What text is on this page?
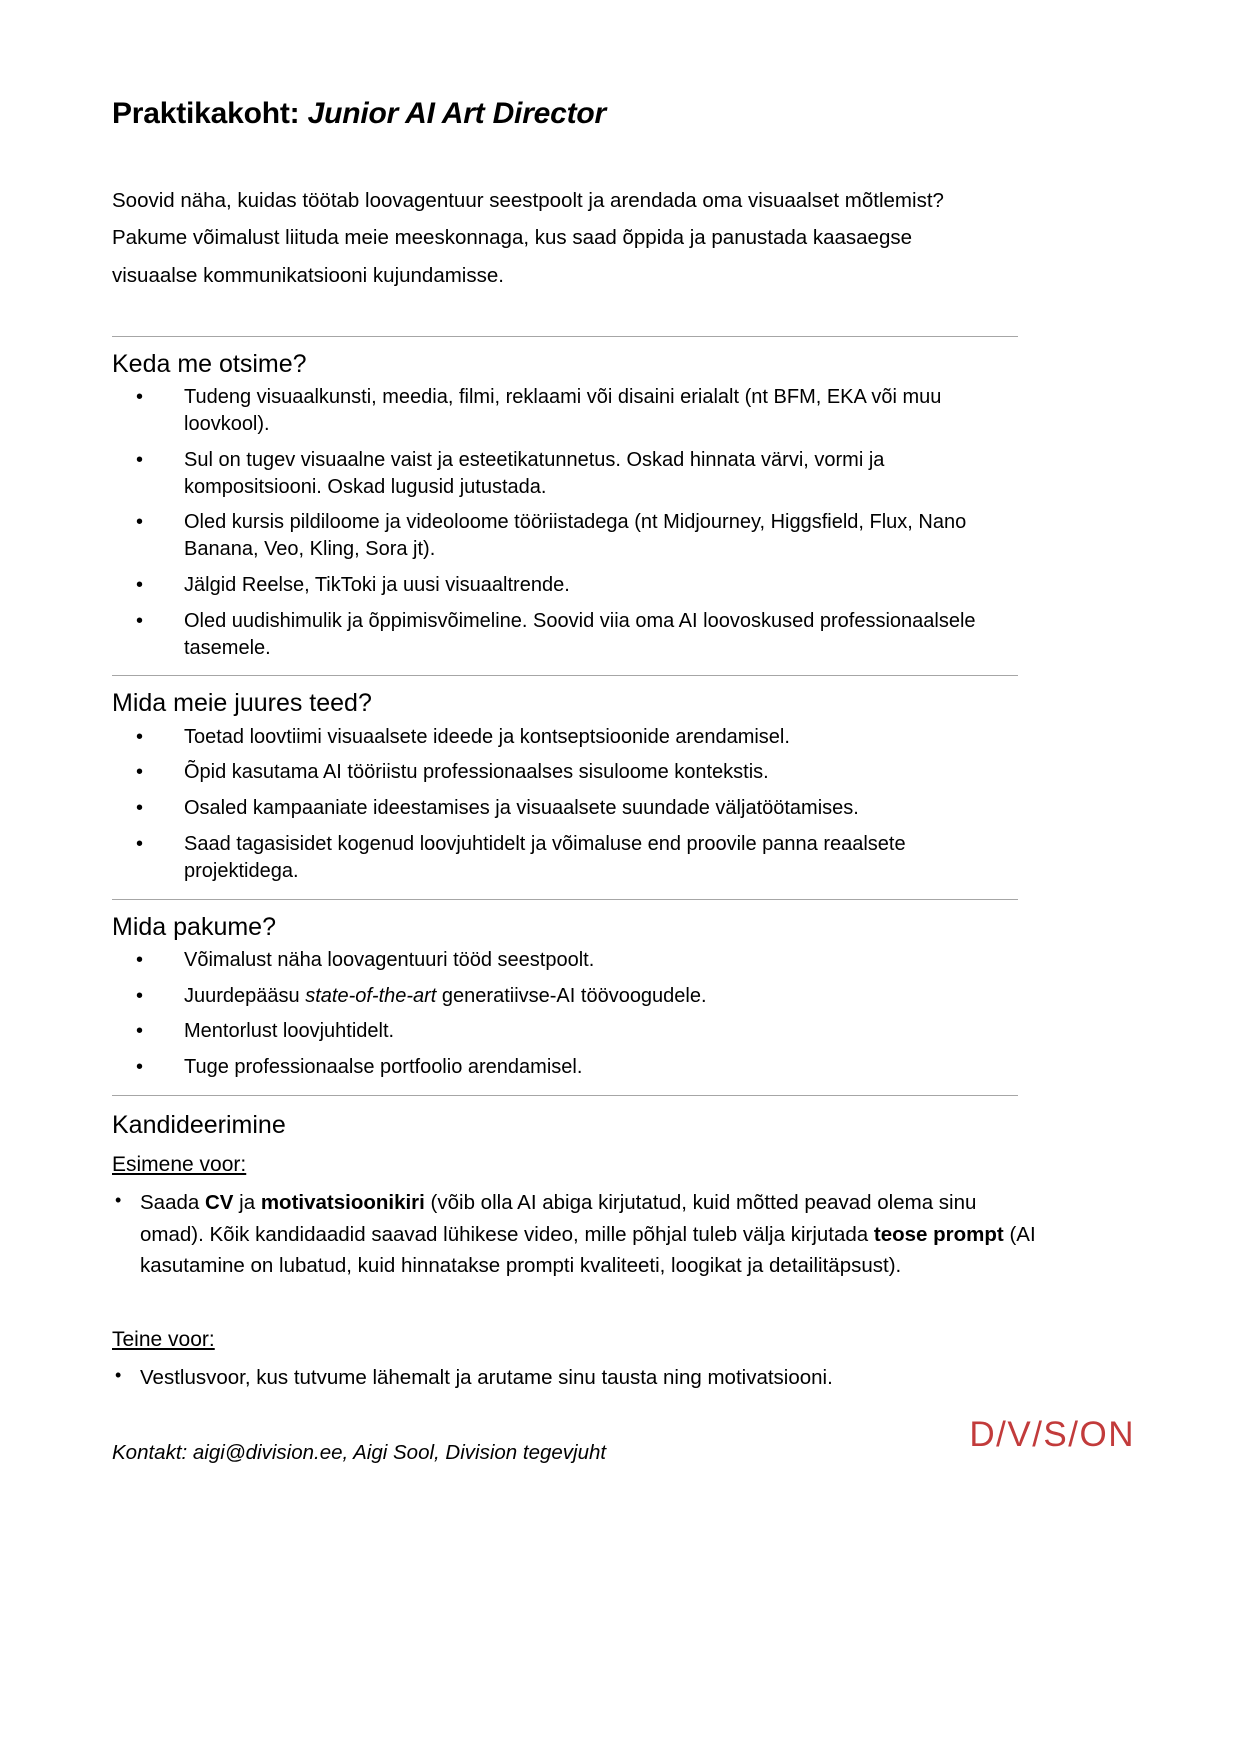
Praktikakoht: Junior AI Art Director

Soovid näha, kuidas töötab loovagentuur seestpoolt ja arendada oma visuaalset mõtlemist? Pakume võimalust liituda meie meeskonnaga, kus saad õppida ja panustada kaasaegse visuaalse kommunikatsiooni kujundamisse.

Keda me otsime?
• Tudeng visuaalkunsti, meedia, filmi, reklaami või disaini erialalt (nt BFM, EKA või muu loovkool).
• Sul on tugev visuaalne vaist ja esteetikatunnetus. Oskad hinnata värvi, vormi ja kompositsiooni. Oskad lugusid jutustada.
• Oled kursis pildiloome ja videoloome tööriistadega (nt Midjourney, Higgsfield, Flux, Nano Banana, Veo, Kling, Sora jt).
• Jälgid Reelse, TikToki ja uusi visuaaltrende.
• Oled uudishimulik ja õppimisvõimeline. Soovid viia oma AI loovoskused professionaalsele tasemele.
Mida meie juures teed?
• Toetad loovtiimi visuaalsete ideede ja kontseptsioonide arendamisel.
• Õpid kasutama AI tööriistu professionaalses sisuloome kontekstis.
• Osaled kampaaniate ideestamises ja visuaalsete suundade väljatöötamises.
• Saad tagasisidet kogenud loovjuhtidelt ja võimaluse end proovile panna reaalsete projektidega.
Mida pakume?
• Võimalust näha loovagentuuri tööd seestpoolt.
• Juurdepääsu state-of-the-art generatiivse-AI töövoogudele.
• Mentorlust loovjuhtidelt.
• Tuge professionaalse portfoolio arendamisel.
Kandideerimine
Esimene voor:
• Saada CV ja motivatsioonikiri (võib olla AI abiga kirjutatud, kuid mõtted peavad olema sinu omad). Kõik kandidaadid saavad lühikese video, mille põhjal tuleb välja kirjutada teose prompt (AI kasutamine on lubatud, kuid hinnatakse prompti kvaliteeti, loogikat ja detailitäpsust).
Teine voor:
• Vestlusvoor, kus tutvume lähemalt ja arutame sinu tausta ning motivatsiooni.

Kontakt: aigi@division.ee, Aigi Sool, Division tegevjuht	D/V/S/ON
